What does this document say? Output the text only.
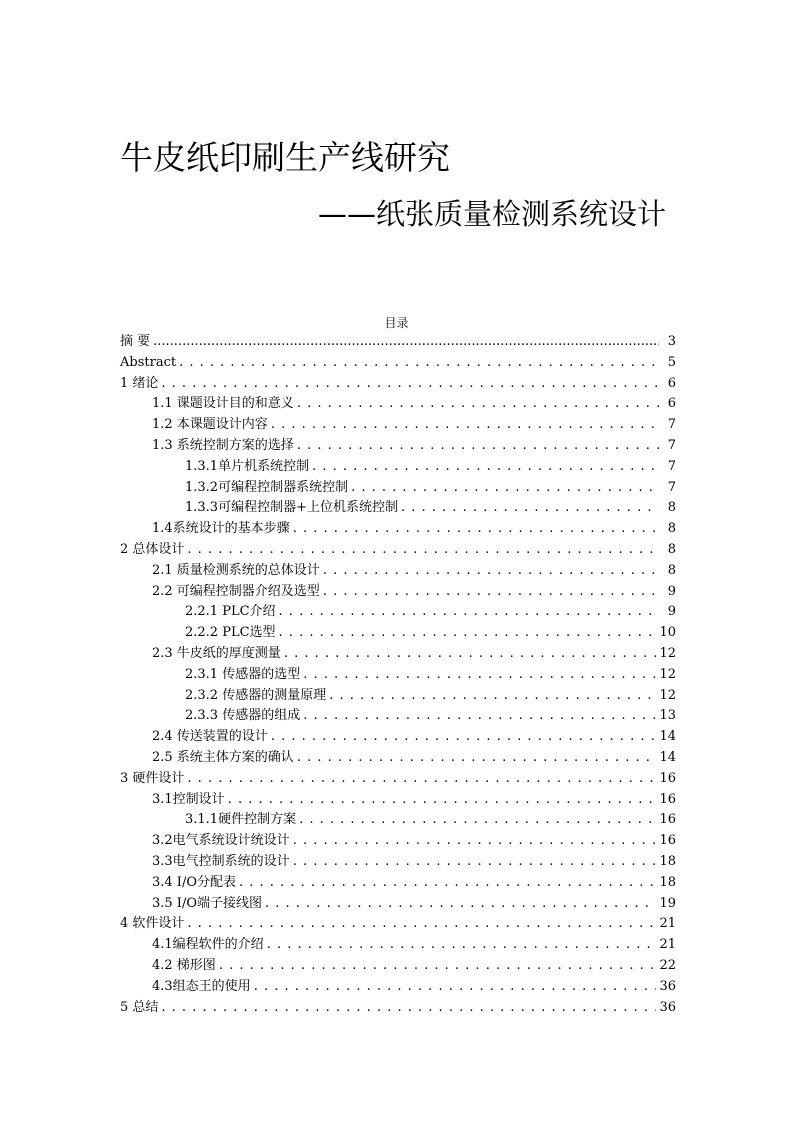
牛皮纸印刷生产线研究
——纸张质量检测系统设计
目录
摘 要 .....	3
Abstract . . .	5
1 绪论 . . .	6
1.1 课题设计目的和意义 . . .	6
1.2 本课题设计内容 . . .	7
1.3 系统控制方案的选择 . . .	7
1.3.1单片机系统控制 . . .	7
1.3.2可编程控制器系统控制 . . .	7
1.3.3可编程控制器+上位机系统控制 . . .	8
1.4系统设计的基本步骤 . . .	8
2 总体设计 . . .	8
2.1 质量检测系统的总体设计 . . .	8
2.2 可编程控制器介绍及选型 . . .	9
2.2.1 PLC介绍 . . .	9
2.2.2 PLC选型 . . .	10
2.3 牛皮纸的厚度测量 . . .	12
2.3.1 传感器的选型 . . .	12
2.3.2 传感器的测量原理 . . .	12
2.3.3 传感器的组成 . . .	13
2.4 传送装置的设计 . . .	14
2.5 系统主体方案的确认 . . .	14
3 硬件设计 . . .	16
3.1控制设计 . . .	16
3.1.1硬件控制方案 . . .	16
3.2电气系统设计统设计 . . .	16
3.3电气控制系统的设计 . . .	18
3.4 I/O分配表 . . .	18
3.5 I/O端子接线图 . . .	19
4 软件设计 . . .	21
4.1编程软件的介绍 . . .	21
4.2 梯形图 . . .	22
4.3组态王的使用 . . .	36
5 总结 . . .	36
